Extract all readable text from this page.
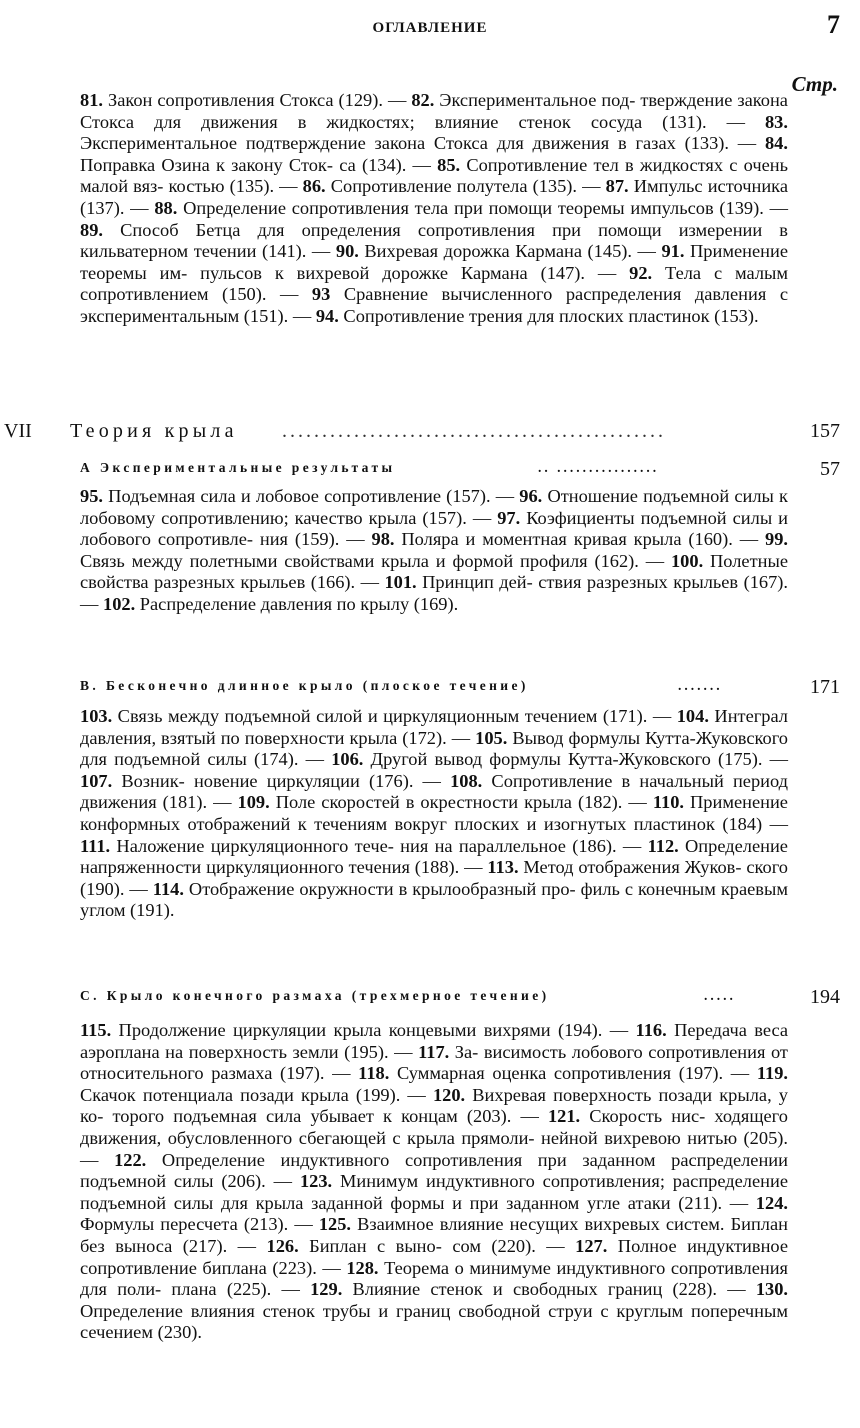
ОГЛАВЛЕНИЕ	7
Стр.
81. Закон сопротивления Стокса (129). — 82. Экспериментальное под- тверждение закона Стокса для движения в жидкостях; влияние стенок сосуда (131). — 83. Экспериментальное подтверждение закона Стокса для движения в газах (133). — 84. Поправка Озина к закону Сток- са (134). — 85. Сопротивление тел в жидкостях с очень малой вяз- костью (135). — 86. Сопротивление полутела (135). — 87. Импульс источника (137). — 88. Определение сопротивления тела при помощи теоремы импульсов (139). — 89. Способ Бетца для определения сопротивления при помощи измерении в кильватерном течении (141). — 90. Вихревая дорожка Кармана (145). — 91. Применение теоремы им- пульсов к вихревой дорожке Кармана (147). — 92. Тела с малым сопротивлением (150). — 93 Сравнение вычисленного распределения давления с экспериментальным (151). — 94. Сопротивление трения для плоских пластинок (153).
VII Теория крыла ................................................	157
А Экспериментальные результаты	.. ................	57
95. Подъемная сила и лобовое сопротивление (157). — 96. Отношение подъемной силы к лобовому сопротивлению; качество крыла (157). — 97. Коэфициенты подъемной силы и лобового сопротивле- ния (159). — 98. Поляра и моментная кривая крыла (160). — 99. Связь между полетными свойствами крыла и формой профиля (162). — 100. Полетные свойства разрезных крыльев (166). — 101. Принцип дей- ствия разрезных крыльев (167). — 102. Распределение давления по крылу (169).
В. Бесконечно длинное крыло (плоское течение)	.......	171
103. Связь между подъемной силой и циркуляционным течением (171). — 104. Интеграл давления, взятый по поверхности крыла (172). — 105. Вывод формулы Кутта-Жуковского для подъемной силы (174). — 106. Другой вывод формулы Кутта-Жуковского (175). — 107. Возник- новение циркуляции (176). — 108. Сопротивление в начальный период движения (181). — 109. Поле скоростей в окрестности крыла (182). — 110. Применение конформных отображений к течениям вокруг плоских и изогнутых пластинок (184) — 111. Наложение циркуляционного тече- ния на параллельное (186). — 112. Определение напряженности циркуляционного течения (188). — 113. Метод отображения Жуков- ского (190). — 114. Отображение окружности в крылообразный про- филь с конечным краевым углом (191).
С. Крыло конечного размаха (трехмерное течение)	.....	194
115. Продолжение циркуляции крыла концевыми вихрями (194). — 116. Передача веса аэроплана на поверхность земли (195). — 117. За- висимость лобового сопротивления от относительного размаха (197). — 118. Суммарная оценка сопротивления (197). — 119. Скачок потенциала позади крыла (199). — 120. Вихревая поверхность позади крыла, у ко- торого подъемная сила убывает к концам (203). — 121. Скорость нис- ходящего движения, обусловленного сбегающей с крыла прямоли- нейной вихревою нитью (205). — 122. Определение индуктивного сопротивления при заданном распределении подъемной силы (206). — 123. Минимум индуктивного сопротивления; распределение подъемной силы для крыла заданной формы и при заданном угле атаки (211). — 124. Формулы пересчета (213). — 125. Взаимное влияние несущих вихревых систем. Биплан без выноса (217). — 126. Биплан с выно- сом (220). — 127. Полное индуктивное сопротивление биплана (223). — 128. Теорема о минимуме индуктивного сопротивления для поли- плана (225). — 129. Влияние стенок и свободных границ (228). — 130. Определение влияния стенок трубы и границ свободной струи с круглым поперечным сечением (230).
